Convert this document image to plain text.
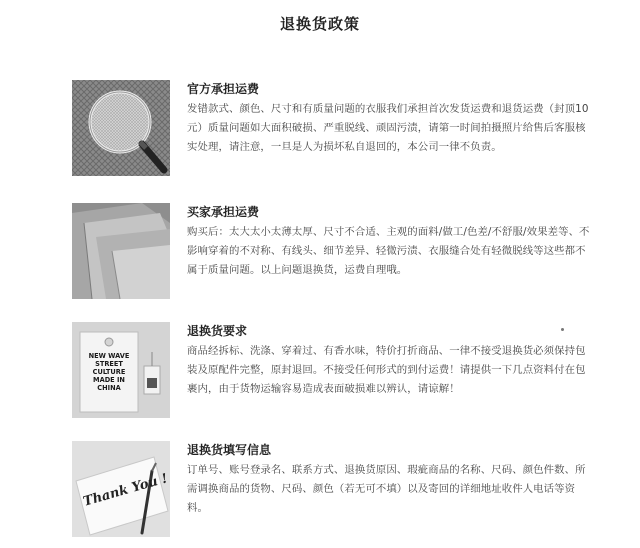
退换货政策
官方承担运费
发错款式、颜色、尺寸和有质量问题的衣服我们承担首次发货运费和退货运费（封顶10元）质量问题如大面积破损、严重脱线、顽固污渍，请第一时间拍摄照片给售后客服核实处理，请注意，一旦是人为损坏私自退回的，本公司一律不负责。
买家承担运费
购买后：太大太小太薄太厚、尺寸不合适、主观的面料/做工/色差/不舒服/效果差等、不影响穿着的不对称、有线头、细节差异、轻微污渍、衣服缝合处有轻微脱线等这些都不属于质量问题。以上问题退换货，运费自理哦。
NEW WAVE
STREET
CULTURE
MADE IN
CHINA
退换货要求
商品经拆标、洗涤、穿着过、有香水味，特价打折商品、一律不接受退换货必须保持包装及原配件完整，原封退回。不接受任何形式的到付运费！请提供一下几点资料付在包裹内，由于货物运输容易造成表面破损难以辨认，请谅解！
Thank You !
退换货填写信息
订单号、账号登录名、联系方式、退换货原因、瑕疵商品的名称、尺码、颜色件数、所需调换商品的货物、尺码、颜色（若无可不填）以及寄回的详细地址收件人电话等资料。
